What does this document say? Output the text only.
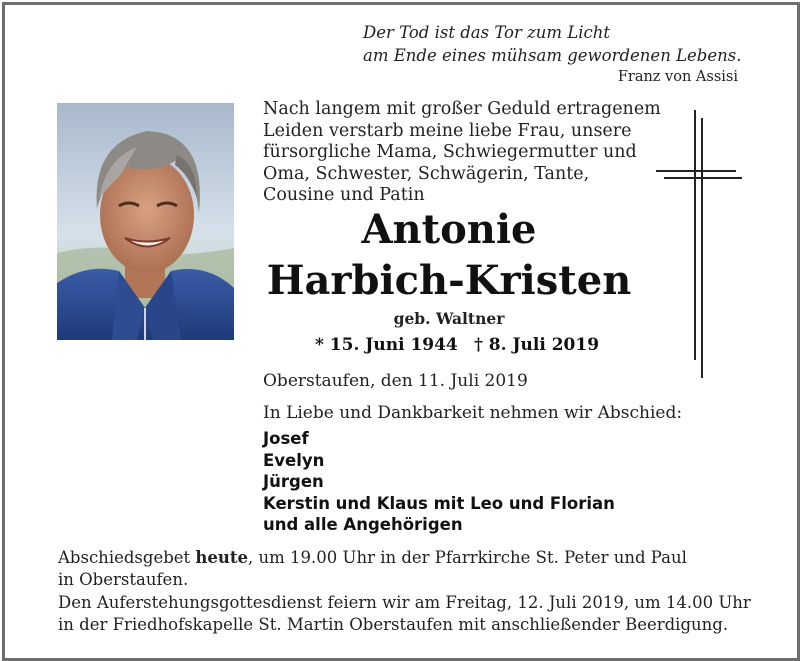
Der Tod ist das Tor zum Licht
am Ende eines mühsam gewordenen Lebens.
Franz von Assisi
Nach langem mit großer Geduld ertragenem
Leiden verstarb meine liebe Frau, unsere
fürsorgliche Mama, Schwiegermutter und
Oma, Schwester, Schwägerin, Tante,
Cousine und Patin
Antonie
Harbich-Kristen
geb. Waltner
* 15. Juni 1944 † 8. Juli 2019
Oberstaufen, den 11. Juli 2019
In Liebe und Dankbarkeit nehmen wir Abschied:
Josef
Evelyn
Jürgen
Kerstin und Klaus mit Leo und Florian
und alle Angehörigen
Abschiedsgebet heute, um 19.00 Uhr in der Pfarrkirche St. Peter und Paul
in Oberstaufen.
Den Auferstehungsgottesdienst feiern wir am Freitag, 12. Juli 2019, um 14.00 Uhr
in der Friedhofskapelle St. Martin Oberstaufen mit anschließender Beerdigung.
